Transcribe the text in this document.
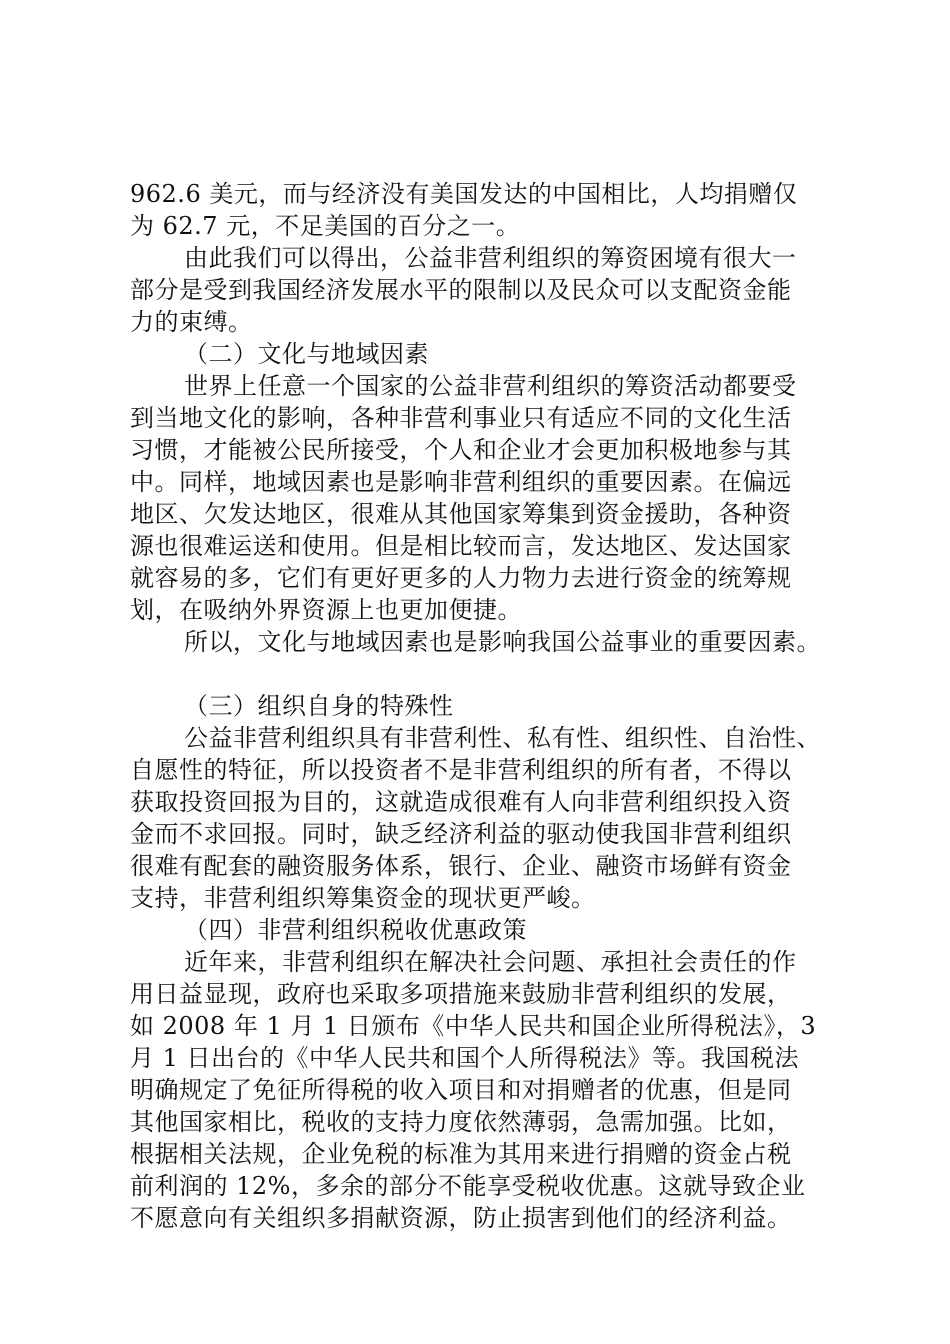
962.6 美元，而与经济没有美国发达的中国相比，人均捐赠仅
为 62.7 元，不足美国的百分之一。
由此我们可以得出，公益非营利组织的筹资困境有很大一
部分是受到我国经济发展水平的限制以及民众可以支配资金能
力的束缚。
（二）文化与地域因素
世界上任意一个国家的公益非营利组织的筹资活动都要受
到当地文化的影响，各种非营利事业只有适应不同的文化生活
习惯，才能被公民所接受，个人和企业才会更加积极地参与其
中。同样，地域因素也是影响非营利组织的重要因素。在偏远
地区、欠发达地区，很难从其他国家筹集到资金援助，各种资
源也很难运送和使用。但是相比较而言，发达地区、发达国家
就容易的多，它们有更好更多的人力物力去进行资金的统筹规
划，在吸纳外界资源上也更加便捷。
所以，文化与地域因素也是影响我国公益事业的重要因素。
（三）组织自身的特殊性
公益非营利组织具有非营利性、私有性、组织性、自治性、
自愿性的特征，所以投资者不是非营利组织的所有者，不得以
获取投资回报为目的，这就造成很难有人向非营利组织投入资
金而不求回报。同时，缺乏经济利益的驱动使我国非营利组织
很难有配套的融资服务体系，银行、企业、融资市场鲜有资金
支持，非营利组织筹集资金的现状更严峻。
（四）非营利组织税收优惠政策
近年来，非营利组织在解决社会问题、承担社会责任的作
用日益显现，政府也采取多项措施来鼓励非营利组织的发展，
如 2008 年 1 月 1 日颁布《中华人民共和国企业所得税法》，3
月 1 日出台的《中华人民共和国个人所得税法》等。我国税法
明确规定了免征所得税的收入项目和对捐赠者的优惠，但是同
其他国家相比，税收的支持力度依然薄弱，急需加强。比如，
根据相关法规，企业免税的标准为其用来进行捐赠的资金占税
前利润的 12%，多余的部分不能享受税收优惠。这就导致企业
不愿意向有关组织多捐献资源，防止损害到他们的经济利益。
